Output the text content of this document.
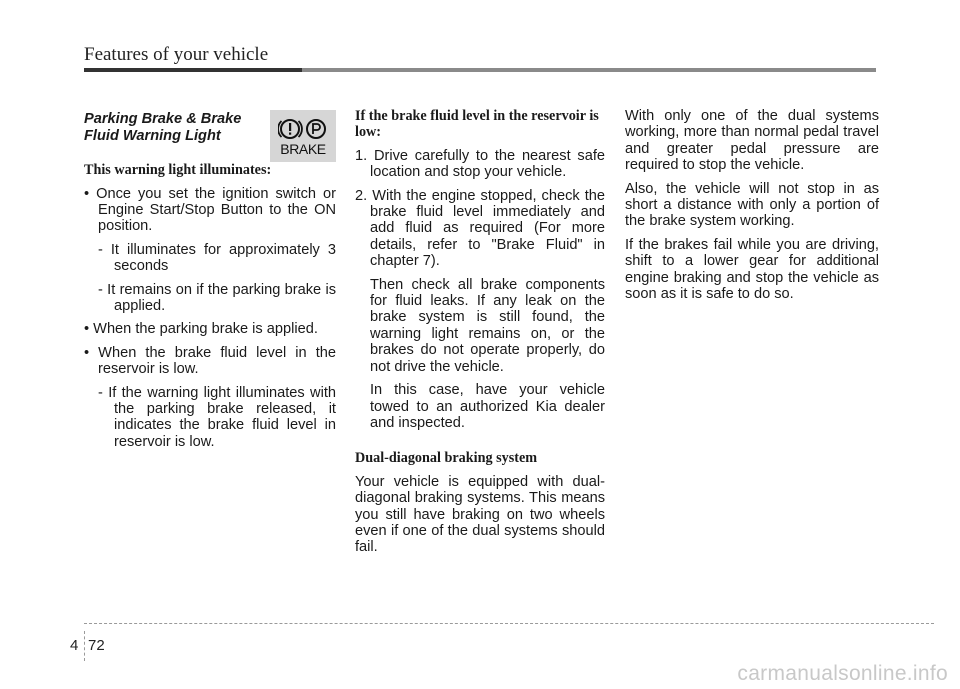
Features of your vehicle
Parking Brake & Brake Fluid Warning Light

This warning light illuminates:

• Once you set the ignition switch or Engine Start/Stop Button to the ON position.

- It illuminates for approximately 3 seconds

- It remains on if the parking brake is applied.

• When the parking brake is applied.

• When the brake fluid level in the reservoir is low.

- If the warning light illuminates with the parking brake released, it indicates the brake fluid level in reservoir is low.

BRAKE

If the brake fluid level in the reservoir is low:

1. Drive carefully to the nearest safe location and stop your vehicle.

2. With the engine stopped, check the brake fluid level immediately and add fluid as required (For more details, refer to "Brake Fluid" in chapter 7).

Then check all brake components for fluid leaks. If any leak on the brake system is still found, the warning light remains on, or the brakes do not operate properly, do not drive the vehicle.

In this case, have your vehicle towed to an authorized Kia dealer and inspected.

Dual-diagonal braking system

Your vehicle is equipped with dual-diagonal braking systems. This means you still have braking on two wheels even if one of the dual systems should fail.

With only one of the dual systems working, more than normal pedal travel and greater pedal pressure are required to stop the vehicle.

Also, the vehicle will not stop in as short a distance with only a portion of the brake system working.

If the brakes fail while you are driving, shift to a lower gear for additional engine braking and stop the vehicle as soon as it is safe to do so.

4 72
carmanualsonline.info
